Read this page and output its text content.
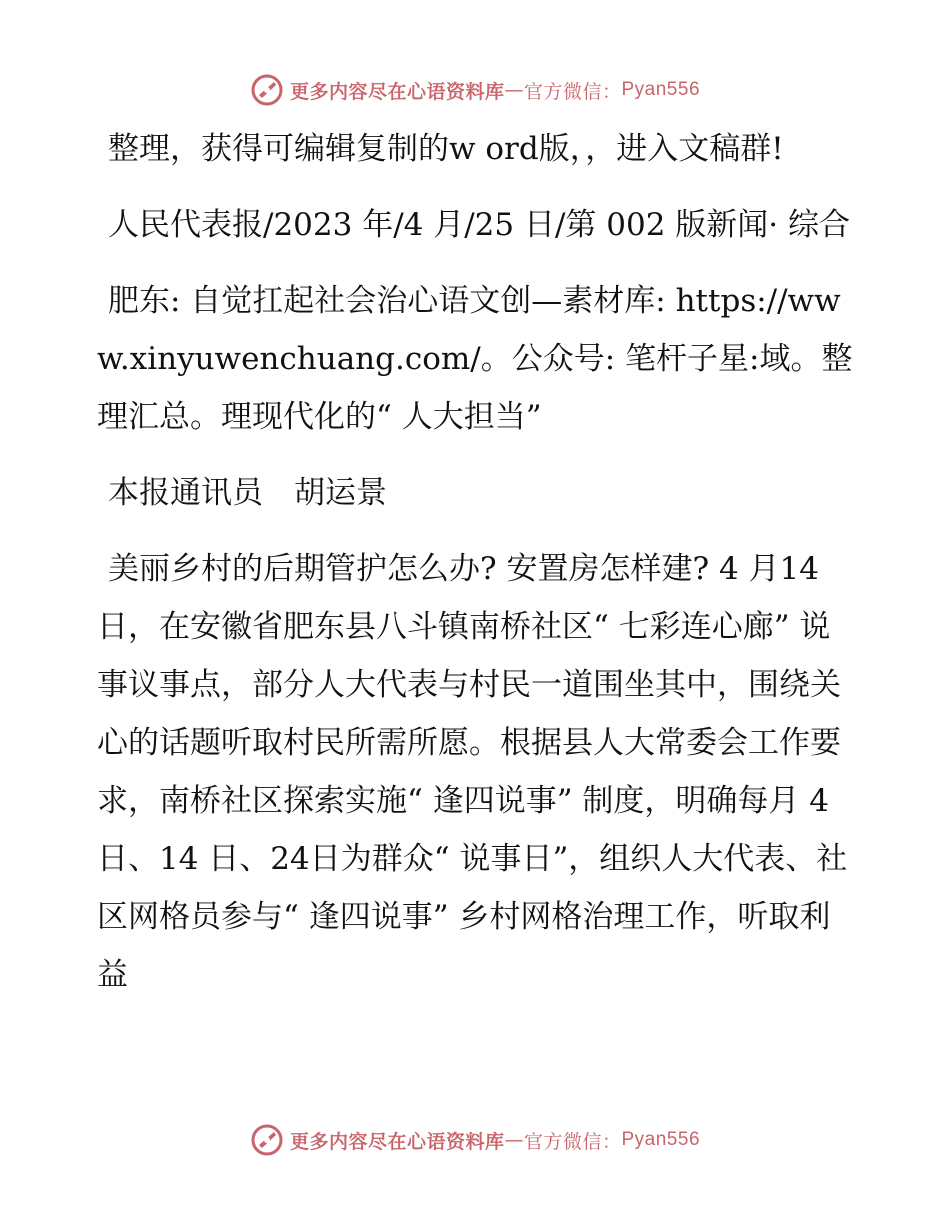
更多内容尽在心语资料库 — 官方微信： Pyan556

整理，获得可编辑复制的w ord版，，进入文稿群!

人民代表报/2023 年/4 月/25 日/第 002 版新闻· 综合

肥东: 自觉扛起社会治心语文创—素材库: https://www.xinyuwenchuang.com/。公众号: 笔杆子星:域。整理汇总。理现代化的“ 人大担当”

本报通讯员　胡运景

美丽乡村的后期管护怎么办? 安置房怎样建? 4 月14 日，在安徽省肥东县八斗镇南桥社区“ 七彩连心廊” 说事议事点，部分人大代表与村民一道围坐其中，围绕关心的话题听取村民所需所愿。根据县人大常委会工作要求，南桥社区探索实施“ 逢四说事” 制度，明确每月 4 日、14 日、24日为群众“ 说事日”，组织人大代表、社区网格员参与“ 逢四说事” 乡村网格治理工作，听取利益

更多内容尽在心语资料库 — 官方微信： Pyan556
